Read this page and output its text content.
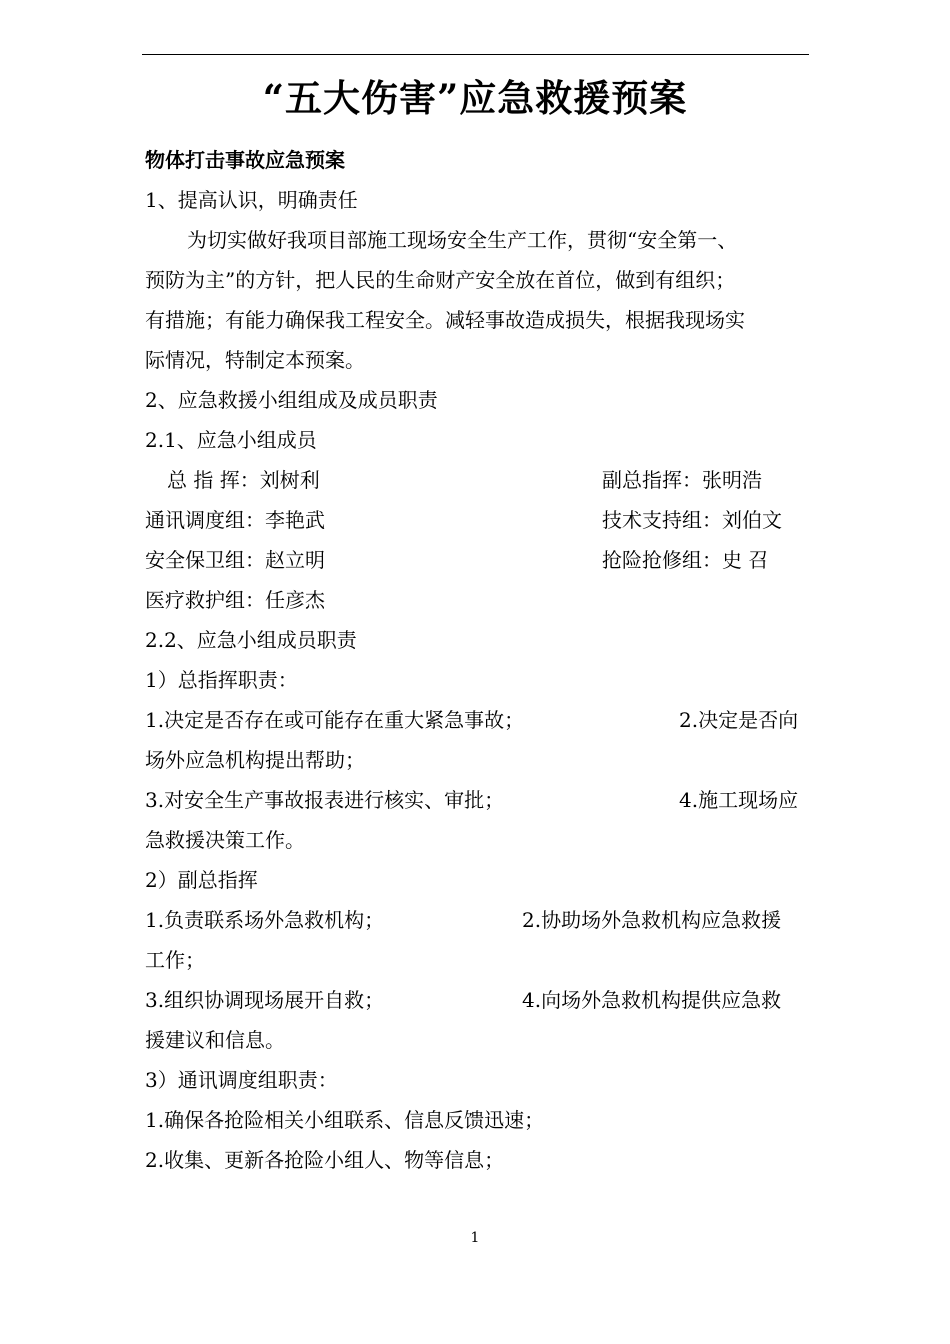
“五大伤害”应急救援预案
物体打击事故应急预案
1、提高认识，明确责任
为切实做好我项目部施工现场安全生产工作，贯彻“安全第一、
预防为主”的方针，把人民的生命财产安全放在首位，做到有组织；
有措施；有能力确保我工程安全。减轻事故造成损失，根据我现场实
际情况，特制定本预案。
2、应急救援小组组成及成员职责
2.1、应急小组成员
总 指 挥：刘树利	副总指挥：张明浩
通讯调度组：李艳武	技术支持组：刘伯文
安全保卫组：赵立明	抢险抢修组：史 召
医疗救护组：任彦杰
2.2、应急小组成员职责
1）总指挥职责：
1.决定是否存在或可能存在重大紧急事故；	2.决定是否向
场外应急机构提出帮助；
3.对安全生产事故报表进行核实、审批；	4.施工现场应
急救援决策工作。
2）副总指挥
1.负责联系场外急救机构；	2.协助场外急救机构应急救援
工作；
3.组织协调现场展开自救；	4.向场外急救机构提供应急救
援建议和信息。
3）通讯调度组职责：
1.确保各抢险相关小组联系、信息反馈迅速；
2.收集、更新各抢险小组人、物等信息；
1
